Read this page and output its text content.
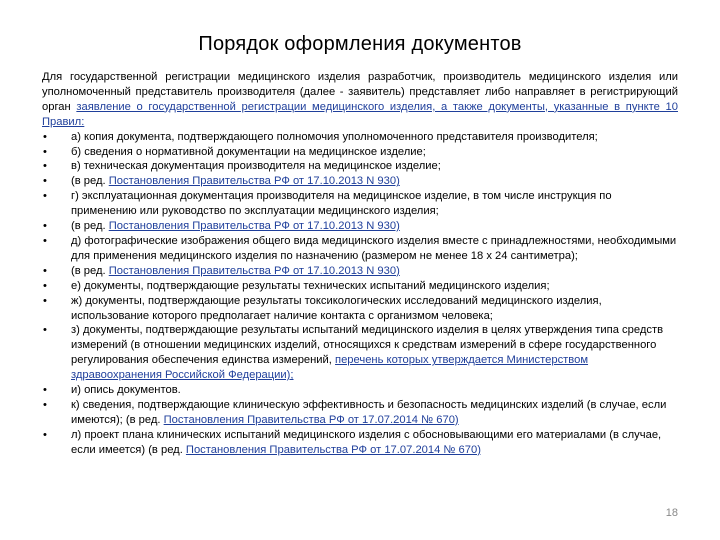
Порядок оформления документов
Для государственной регистрации медицинского изделия разработчик, производитель медицинского изделия или уполномоченный представитель производителя (далее - заявитель) представляет либо направляет в регистрирующий орган заявление о государственной регистрации медицинского изделия, а также документы, указанные в пункте 10 Правил:
• а) копия документа, подтверждающего полномочия уполномоченного представителя производителя;
• б) сведения о нормативной документации на медицинское изделие;
• в) техническая документация производителя на медицинское изделие;
• (в ред. Постановления Правительства РФ от 17.10.2013 N 930)
• г) эксплуатационная документация производителя на медицинское изделие, в том числе инструкция по применению или руководство по эксплуатации медицинского изделия;
• (в ред. Постановления Правительства РФ от 17.10.2013 N 930)
• д) фотографические изображения общего вида медицинского изделия вместе с принадлежностями, необходимыми для применения медицинского изделия по назначению (размером не менее 18 x 24 сантиметра);
• (в ред. Постановления Правительства РФ от 17.10.2013 N 930)
• е) документы, подтверждающие результаты технических испытаний медицинского изделия;
• ж) документы, подтверждающие результаты токсикологических исследований медицинского изделия, использование которого предполагает наличие контакта с организмом человека;
• з) документы, подтверждающие результаты испытаний медицинского изделия в целях утверждения типа средств измерений (в отношении медицинских изделий, относящихся к средствам измерений в сфере государственного регулирования обеспечения единства измерений, перечень которых утверждается Министерством здравоохранения Российской Федерации);
• и) опись документов.
• к) сведения, подтверждающие клиническую эффективность и безопасность медицинских изделий (в случае, если имеются); (в ред. Постановления Правительства РФ от 17.07.2014 № 670)
• л) проект плана клинических испытаний медицинского изделия с обосновывающими его материалами (в случае, если имеется) (в ред. Постановления Правительства РФ от 17.07.2014 № 670)
18
